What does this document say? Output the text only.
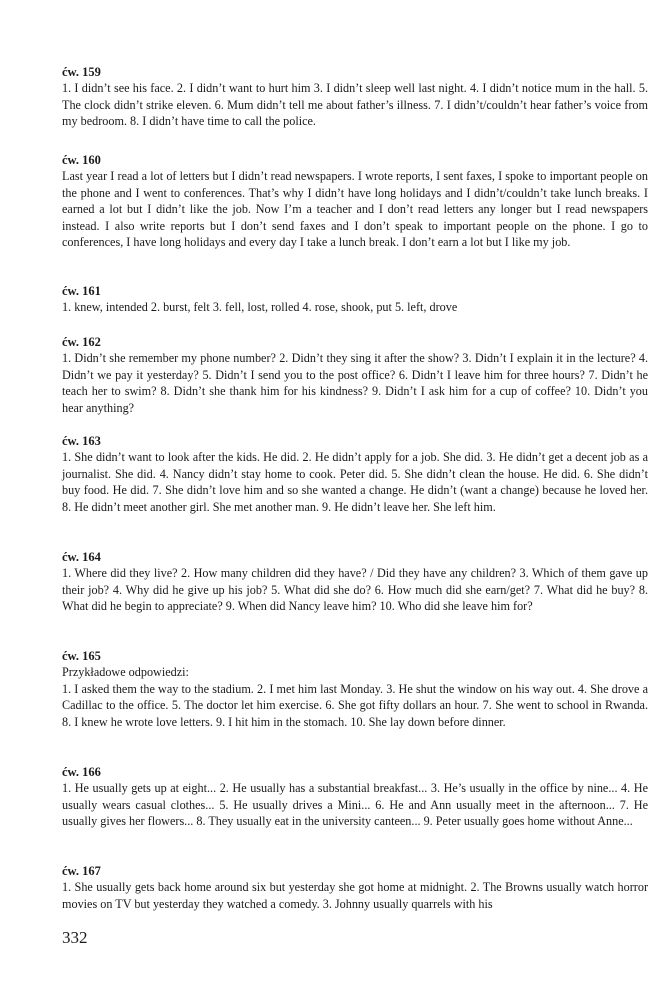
ćw. 159

1. I didn’t see his face. 2. I didn’t want to hurt him 3. I didn’t sleep well last night. 4. I didn’t notice mum in the hall. 5. The clock didn’t strike eleven. 6. Mum didn’t tell me about father’s illness. 7. I didn’t/couldn’t hear father’s voice from my bedroom. 8. I didn’t have time to call the police.

ćw. 160

Last year I read a lot of letters but I didn’t read newspapers. I wrote reports, I sent faxes, I spoke to important people on the phone and I went to conferences. That’s why I didn’t have long holidays and I didn’t/couldn’t take lunch breaks. I earned a lot but I didn’t like the job. Now I’m a teacher and I don’t read letters any longer but I read newspapers instead. I also write reports but I don’t send faxes and I don’t speak to important people on the phone. I go to conferences, I have long holidays and every day I take a lunch break. I don’t earn a lot but I like my job.

ćw. 161

1. knew, intended 2. burst, felt 3. fell, lost, rolled 4. rose, shook, put 5. left, drove

ćw. 162

1. Didn’t she remember my phone number? 2. Didn’t they sing it after the show? 3. Didn’t I explain it in the lecture? 4. Didn’t we pay it yesterday? 5. Didn’t I send you to the post office? 6. Didn’t I leave him for three hours? 7. Didn’t he teach her to swim? 8. Didn’t she thank him for his kindness? 9. Didn’t I ask him for a cup of coffee? 10. Didn’t you hear anything?

ćw. 163

1. She didn’t want to look after the kids. He did. 2. He didn’t apply for a job. She did. 3. He didn’t get a decent job as a journalist. She did. 4. Nancy didn’t stay home to cook. Peter did. 5. She didn’t clean the house. He did. 6. She didn’t buy food. He did. 7. She didn’t love him and so she wanted a change. He didn’t (want a change) because he loved her. 8. He didn’t meet another girl. She met another man. 9. He didn’t leave her. She left him.

ćw. 164

1. Where did they live? 2. How many children did they have? / Did they have any children? 3. Which of them gave up their job? 4. Why did he give up his job? 5. What did she do? 6. How much did she earn/get? 7. What did he buy? 8. What did he begin to appreciate? 9. When did Nancy leave him? 10. Who did she leave him for?

ćw. 165

Przykładowe odpowiedzi:

1. I asked them the way to the stadium. 2. I met him last Monday. 3. He shut the window on his way out. 4. She drove a Cadillac to the office. 5. The doctor let him exercise. 6. She got fifty dollars an hour. 7. She went to school in Rwanda. 8. I knew he wrote love letters. 9. I hit him in the stomach. 10. She lay down before dinner.

ćw. 166

1. He usually gets up at eight... 2. He usually has a substantial breakfast... 3. He’s usually in the office by nine... 4. He usually wears casual clothes... 5. He usually drives a Mini... 6. He and Ann usually meet in the afternoon... 7. He usually gives her flowers... 8. They usually eat in the university canteen... 9. Peter usually goes home without Anne...

ćw. 167

1. She usually gets back home around six but yesterday she got home at midnight. 2. The Browns usually watch horror movies on TV but yesterday they watched a comedy. 3. Johnny usually quarrels with his

332
